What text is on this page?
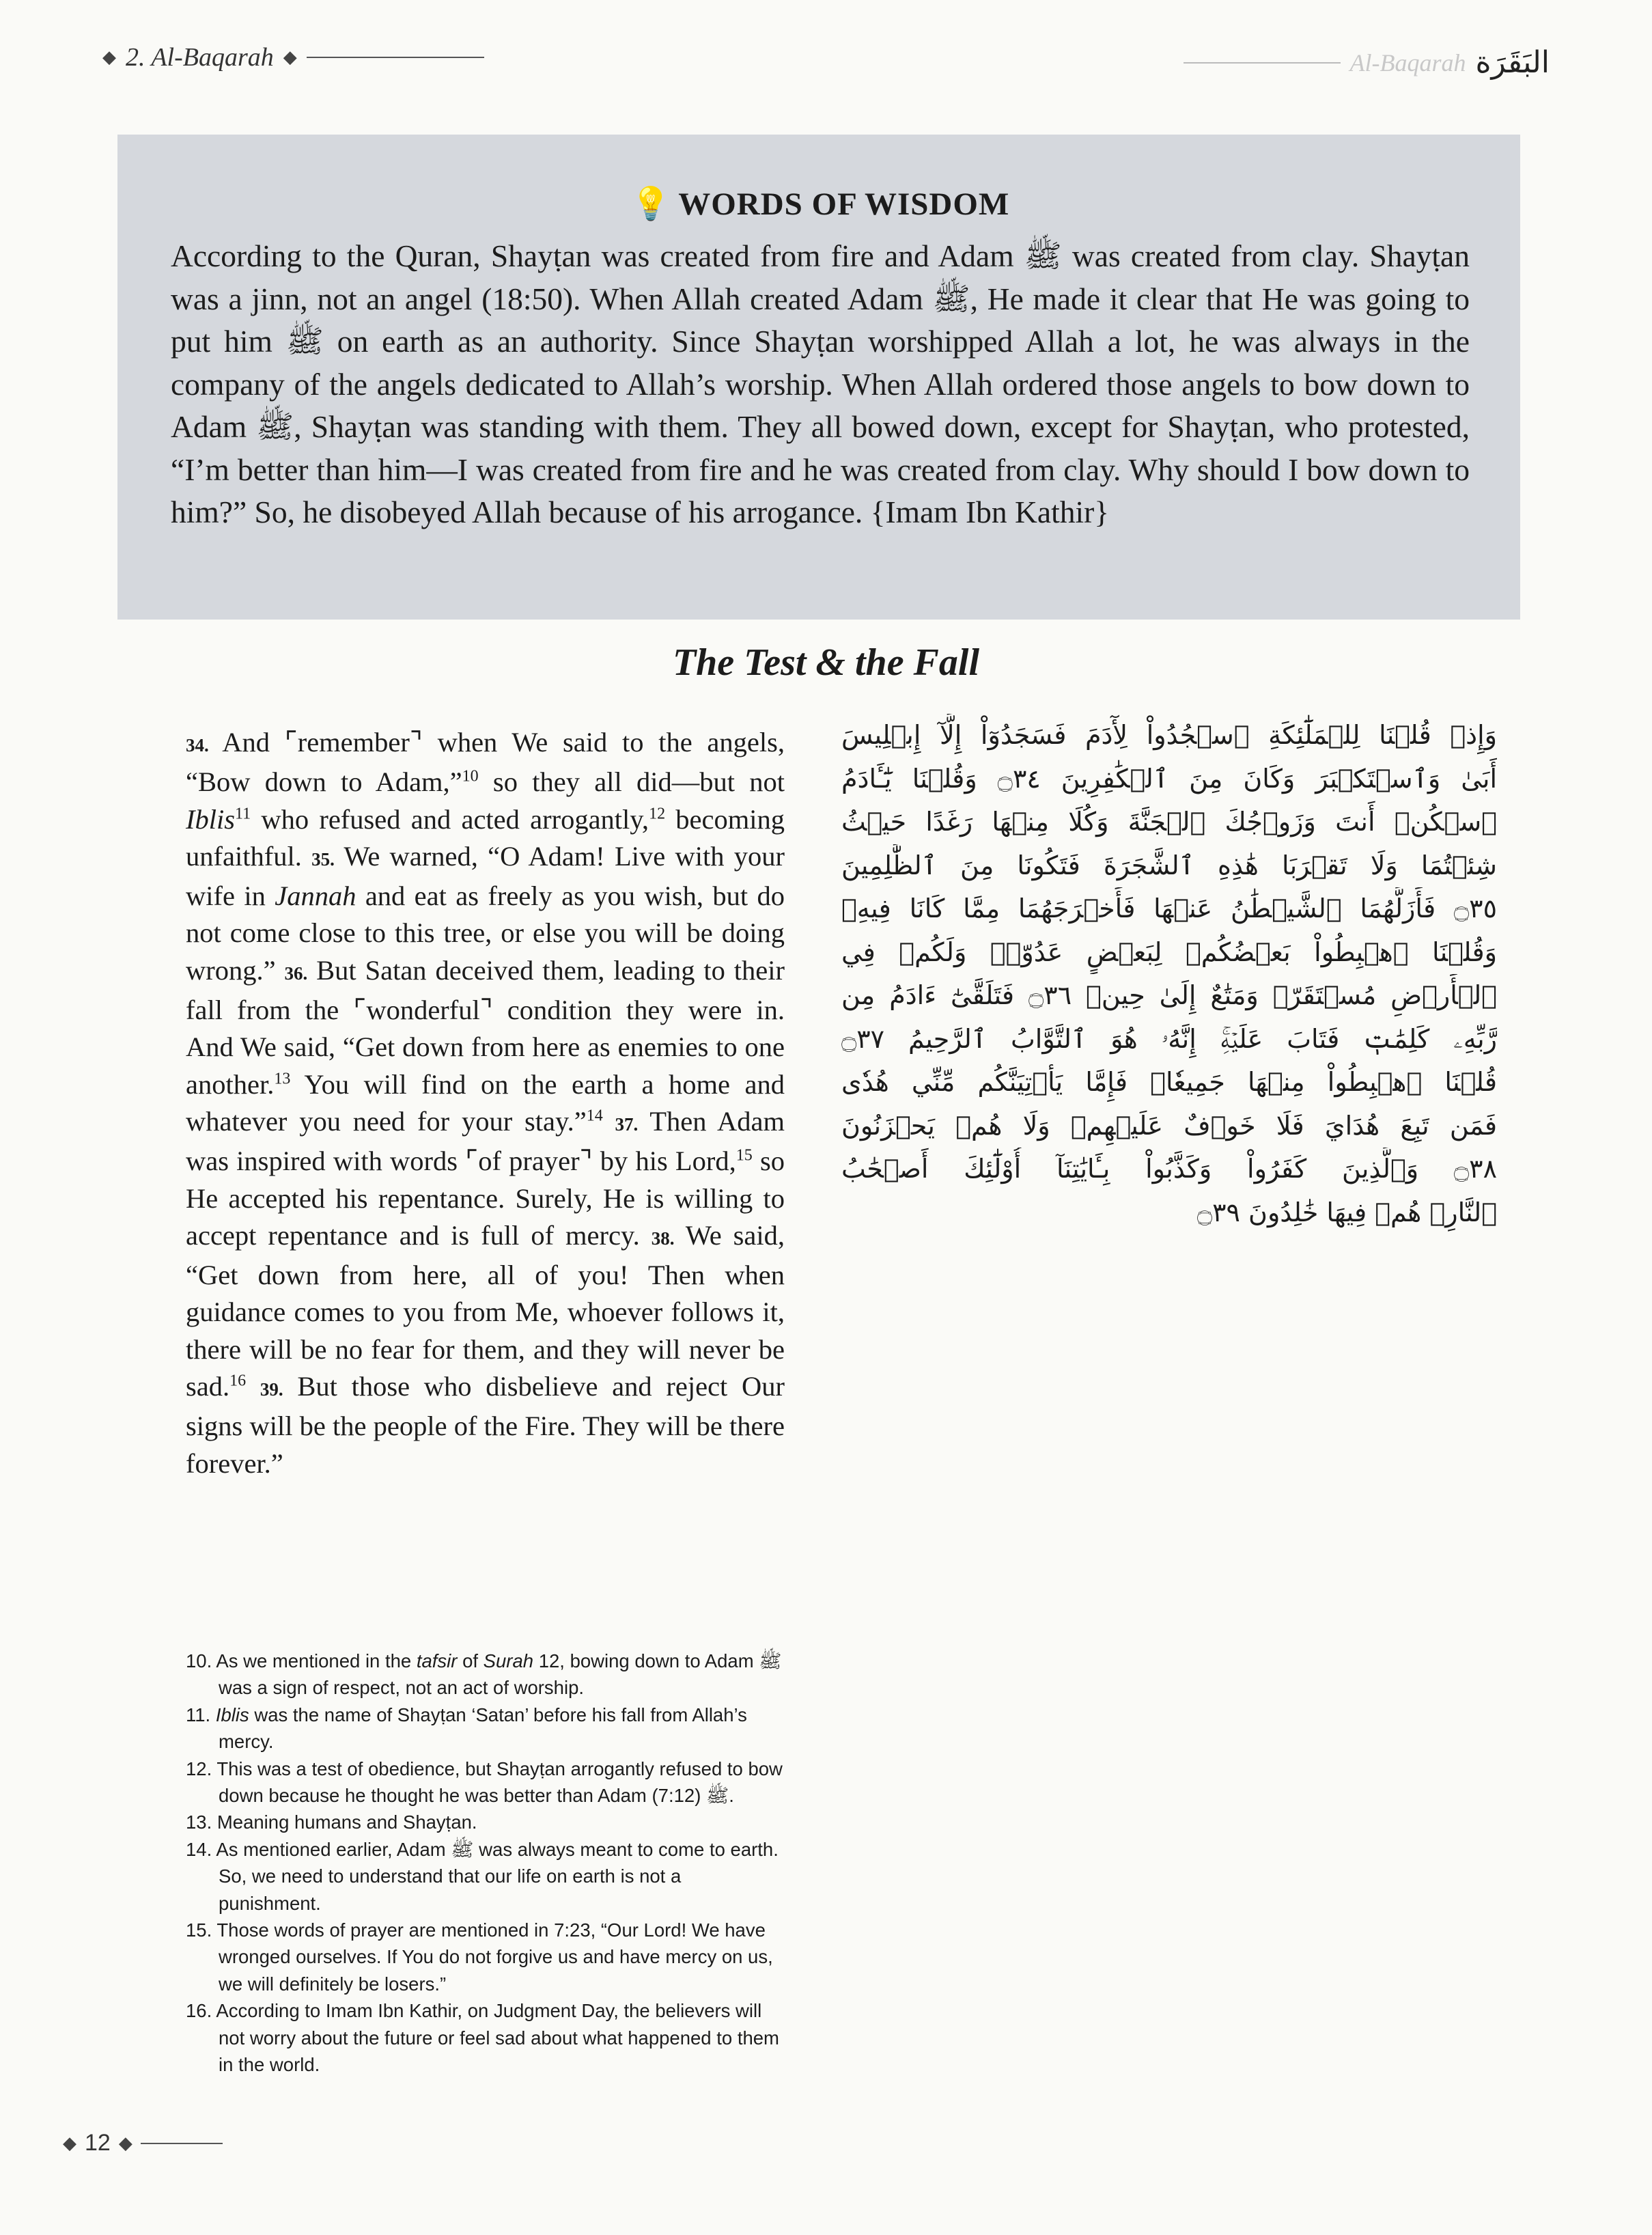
◆ 2. Al-Baqarah ◆	Al-Baqarah البَقَرَة
💡 WORDS OF WISDOM

According to the Quran, Shayṭan was created from fire and Adam ﷺ was created from clay. Shayṭan was a jinn, not an angel (18:50). When Allah created Adam ﷺ, He made it clear that He was going to put him ﷺ on earth as an authority. Since Shayṭan worshipped Allah a lot, he was always in the company of the angels dedicated to Allah’s worship. When Allah ordered those angels to bow down to Adam ﷺ, Shayṭan was standing with them. They all bowed down, except for Shayṭan, who protested, “I’m better than him—I was created from fire and he was created from clay. Why should I bow down to him?” So, he disobeyed Allah because of his arrogance. {Imam Ibn Kathir}

The Test & the Fall

34. And ⌜remember⌝ when We said to the angels, “Bow down to Adam,”$^{10}$ so they all did—but not Iblis$^{11}$ who refused and acted arrogantly,$^{12}$ becoming unfaithful. 35. We warned, “O Adam! Live with your wife in Jannah and eat as freely as you wish, but do not come close to this tree, or else you will be doing wrong.” 36. But Satan deceived them, leading to their fall from the ⌜wonderful⌝ condition they were in. And We said, “Get down from here as enemies to one another.$^{13}$ You will find on the earth a home and whatever you need for your stay.”$^{14}$ 37. Then Adam was inspired with words ⌜of prayer⌝ by his Lord,$^{15}$ so He accepted his repentance. Surely, He is willing to accept repentance and is full of mercy. 38. We said, “Get down from here, all of you! Then when guidance comes to you from Me, whoever follows it, there will be no fear for them, and they will never be sad.$^{16}$ 39. But those who disbelieve and reject Our signs will be the people of the Fire. They will be there forever.”

وَإِذۡ قُلۡنَا لِلۡمَلَٰٓئِكَةِ ٱسۡجُدُواْ لِأٓدَمَ فَسَجَدُوٓاْ إِلَّآ إِبۡلِيسَ
أَبَىٰ وَٱسۡتَكۡبَرَ وَكَانَ مِنَ ٱلۡكَٰفِرِينَ ۝٣٤ وَقُلۡنَا يَٰٓـَٔادَمُ
ٱسۡكُنۡ أَنتَ وَزَوۡجُكَ ٱلۡجَنَّةَ وَكُلَا مِنۡهَا رَغَدًا حَيۡثُ
شِئۡتُمَا وَلَا تَقۡرَبَا هَٰذِهِ ٱلشَّجَرَةَ فَتَكُونَا مِنَ ٱلظَّٰلِمِينَ
۝٣٥ فَأَزَلَّهُمَا ٱلشَّيۡطَٰنُ عَنۡهَا فَأَخۡرَجَهُمَا مِمَّا كَانَا فِيهِۖ
وَقُلۡنَا ٱهۡبِطُواْ بَعۡضُكُمۡ لِبَعۡضٍ عَدُوّٞۖ وَلَكُمۡ فِي
ٱلۡأَرۡضِ مُسۡتَقَرّٞ وَمَتَٰعٌ إِلَىٰ حِينٖ ۝٣٦ فَتَلَقَّىٰٓ ءَادَمُ مِن
رَّبِّهِۦ كَلِمَٰتٖ فَتَابَ عَلَيۡهِۚ إِنَّهُۥ هُوَ ٱلتَّوَّابُ ٱلرَّحِيمُ ۝٣٧
قُلۡنَا ٱهۡبِطُواْ مِنۡهَا جَمِيعٗاۖ فَإِمَّا يَأۡتِيَنَّكُم مِّنِّي هُدٗى
فَمَن تَبِعَ هُدَايَ فَلَا خَوۡفٌ عَلَيۡهِمۡ وَلَا هُمۡ يَحۡزَنُونَ
۝٣٨ وَٱلَّذِينَ كَفَرُواْ وَكَذَّبُواْ بِـَٔايَٰتِنَآ أُوْلَٰٓئِكَ أَصۡحَٰبُ
ٱلنَّارِۖ هُمۡ فِيهَا خَٰلِدُونَ ۝٣٩
10. As we mentioned in the tafsir of Surah 12, bowing down to Adam ﷺ was a sign of respect, not an act of worship.
11. Iblis was the name of Shayṭan ‘Satan’ before his fall from Allah’s mercy.
12. This was a test of obedience, but Shayṭan arrogantly refused to bow down because he thought he was better than Adam ﷺ (7:12).
13. Meaning humans and Shayṭan.
14. As mentioned earlier, Adam ﷺ was always meant to come to earth. So, we need to understand that our life on earth is not a punishment.
15. Those words of prayer are mentioned in 7:23, “Our Lord! We have wronged ourselves. If You do not forgive us and have mercy on us, we will definitely be losers.”
16. According to Imam Ibn Kathir, on Judgment Day, the believers will not worry about the future or feel sad about what happened to them in the world.
◆ 12 ◆
